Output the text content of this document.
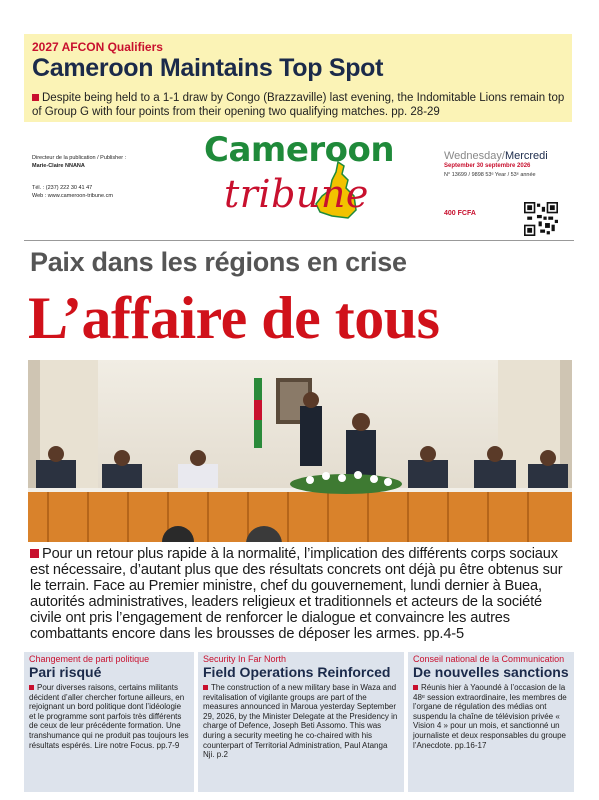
2027 AFCON Qualifiers
Cameroon Maintains Top Spot
Despite being held to a 1-1 draw by Congo (Brazzaville) last evening, the Indomitable Lions remain top of Group G with four points from their opening two qualifying matches. pp. 28-29
Directeur de la publication / Publisher :
Marie-Claire NNANA
Tél. : (237) 222 30 41 47
Web : www.cameroon-tribune.cm
Cameroon
tribune
Wednesday/Mercredi
September 30 septembre 2026
N° 13699 / 9898 53ᵉ Year / 53ᵉ année
400 FCFA
Paix dans les régions en crise
L’affaire de tous
Pour un retour plus rapide à la normalité, l’implication des différents corps sociaux est nécessaire, d’autant plus que des résultats concrets ont déjà pu être obtenus sur le terrain. Face au Premier ministre, chef du gouvernement, lundi dernier à Buea, autorités administratives, leaders religieux et traditionnels et acteurs de la société civile ont pris l’engagement de renforcer le dialogue et convaincre les autres combattants encore dans les brousses de déposer les armes. pp.4-5
Changement de parti politique
Pari risqué
Pour diverses raisons, certains militants décident d’aller chercher fortune ailleurs, en rejoignant un bord politique dont l’idéologie et le programme sont parfois très différents de ceux de leur précédente formation. Une transhumance qui ne produit pas toujours les résultats espérés. Lire notre Focus. pp.7-9
Security In Far North
Field Operations Reinforced
The construction of a new military base in Waza and revitalisation of vigilante groups are part of the measures announced in Maroua yesterday September 29, 2026, by the Minister Delegate at the Presidency in charge of Defence, Joseph Beti Assomo. This was during a security meeting he co-chaired with his counterpart of Territorial Administration, Paul Atanga Nji. p.2
Conseil national de la Communication
De nouvelles sanctions
Réunis hier à Yaoundé à l’occasion de la 48ᵉ session extraordinaire, les membres de l’organe de régulation des médias ont suspendu la chaîne de télévision privée « Vision 4 » pour un mois, et sanctionné un journaliste et deux responsables du groupe l’Anecdote. pp.16-17
